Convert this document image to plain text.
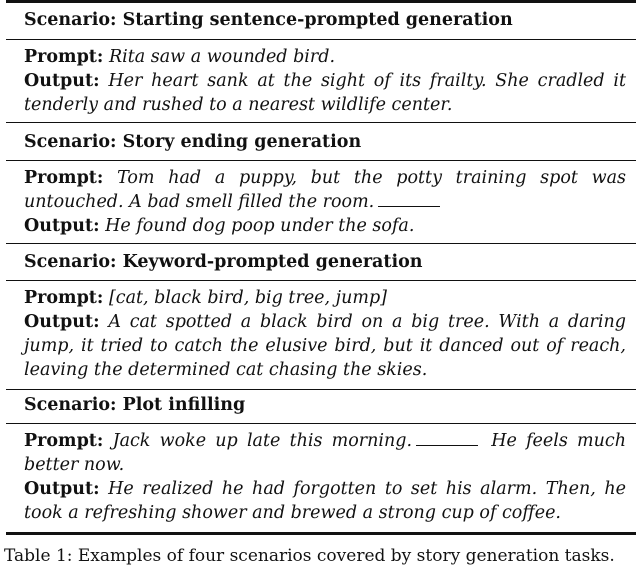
Scenario: Starting sentence-prompted generation
Prompt: Rita saw a wounded bird.
Output: Her heart sank at the sight of its frailty. She cradled it tenderly and rushed to a nearest wildlife center.
Scenario: Story ending generation
Prompt: Tom had a puppy, but the potty training spot was untouched. A bad smell filled the room.
Output: He found dog poop under the sofa.
Scenario: Keyword-prompted generation
Prompt: [cat, black bird, big tree, jump]
Output: A cat spotted a black bird on a big tree. With a daring jump, it tried to catch the elusive bird, but it danced out of reach, leaving the determined cat chasing the skies.
Scenario: Plot infilling
Prompt: Jack woke up late this morning.	He feels much better now.
Output: He realized he had forgotten to set his alarm. Then, he took a refreshing shower and brewed a strong cup of coffee.
Table 1: Examples of four scenarios covered by story generation tasks.
